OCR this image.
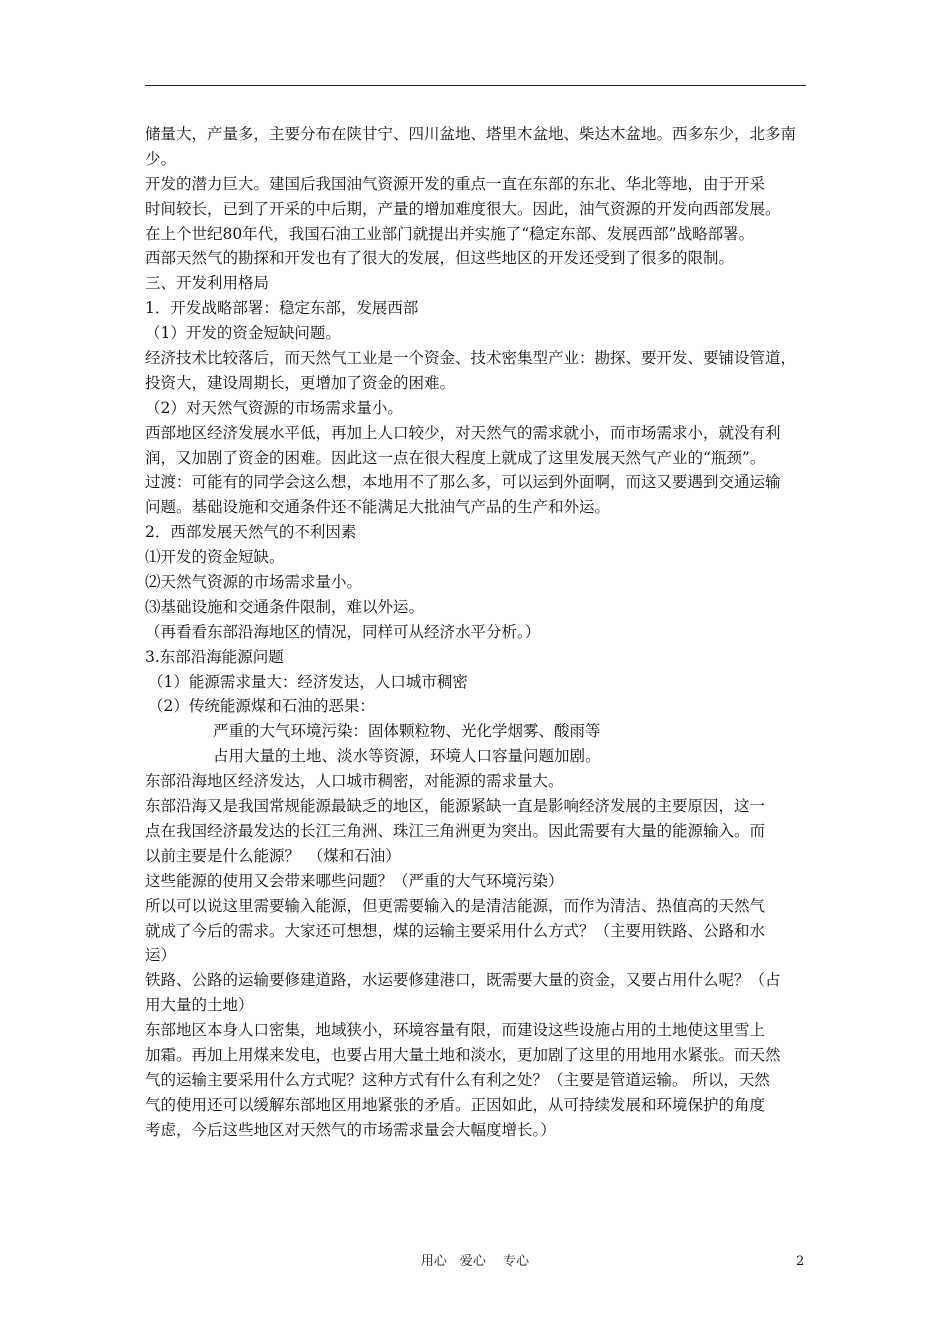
储量大，产量多，主要分布在陕甘宁、四川盆地、塔里木盆地、柴达木盆地。西多东少，北多南

少。

开发的潜力巨大。建国后我国油气资源开发的重点一直在东部的东北、华北等地，由于开采

时间较长，已到了开采的中后期，产量的增加难度很大。因此，油气资源的开发向西部发展。

在上个世纪80年代，我国石油工业部门就提出并实施了“稳定东部、发展西部”战略部署。

西部天然气的勘探和开发也有了很大的发展，但这些地区的开发还受到了很多的限制。

三、开发利用格局

1．开发战略部署：稳定东部，发展西部

（1）开发的资金短缺问题。

经济技术比较落后，而天然气工业是一个资金、技术密集型产业：勘探、要开发、要铺设管道，

投资大，建设周期长，更增加了资金的困难。

（2）对天然气资源的市场需求量小。

西部地区经济发展水平低，再加上人口较少，对天然气的需求就小，而市场需求小，就没有利

润，又加剧了资金的困难。因此这一点在很大程度上就成了这里发展天然气产业的“瓶颈”。

过渡：可能有的同学会这么想，本地用不了那么多，可以运到外面啊，而这又要遇到交通运输

问题。基础设施和交通条件还不能满足大批油气产品的生产和外运。

2．西部发展天然气的不利因素

⑴开发的资金短缺。

⑵天然气资源的市场需求量小。

⑶基础设施和交通条件限制，难以外运。

（再看看东部沿海地区的情况，同样可从经济水平分析。）

3.东部沿海能源问题

（1）能源需求量大：经济发达，人口城市稠密

（2）传统能源煤和石油的恶果：

严重的大气环境污染：固体颗粒物、光化学烟雾、酸雨等

占用大量的土地、淡水等资源，环境人口容量问题加剧。

东部沿海地区经济发达，人口城市稠密，对能源的需求量大。

东部沿海又是我国常规能源最缺乏的地区，能源紧缺一直是影响经济发展的主要原因，这一

点在我国经济最发达的长江三角洲、珠江三角洲更为突出。因此需要有大量的能源输入。而

以前主要是什么能源？　（煤和石油）

这些能源的使用又会带来哪些问题？（严重的大气环境污染）

所以可以说这里需要输入能源，但更需要输入的是清洁能源，而作为清洁、热值高的天然气

就成了今后的需求。大家还可想想，煤的运输主要采用什么方式？（主要用铁路、公路和水

运）

铁路、公路的运输要修建道路，水运要修建港口，既需要大量的资金，又要占用什么呢？（占

用大量的土地）

东部地区本身人口密集，地域狭小，环境容量有限，而建设这些设施占用的土地使这里雪上

加霜。再加上用煤来发电，也要占用大量土地和淡水，更加剧了这里的用地用水紧张。而天然

气的运输主要采用什么方式呢？这种方式有什么有利之处？（主要是管道运输。 所以，天然

气的使用还可以缓解东部地区用地紧张的矛盾。正因如此，从可持续发展和环境保护的角度

考虑，今后这些地区对天然气的市场需求量会大幅度增长。）

用心　爱心　 专心	2
